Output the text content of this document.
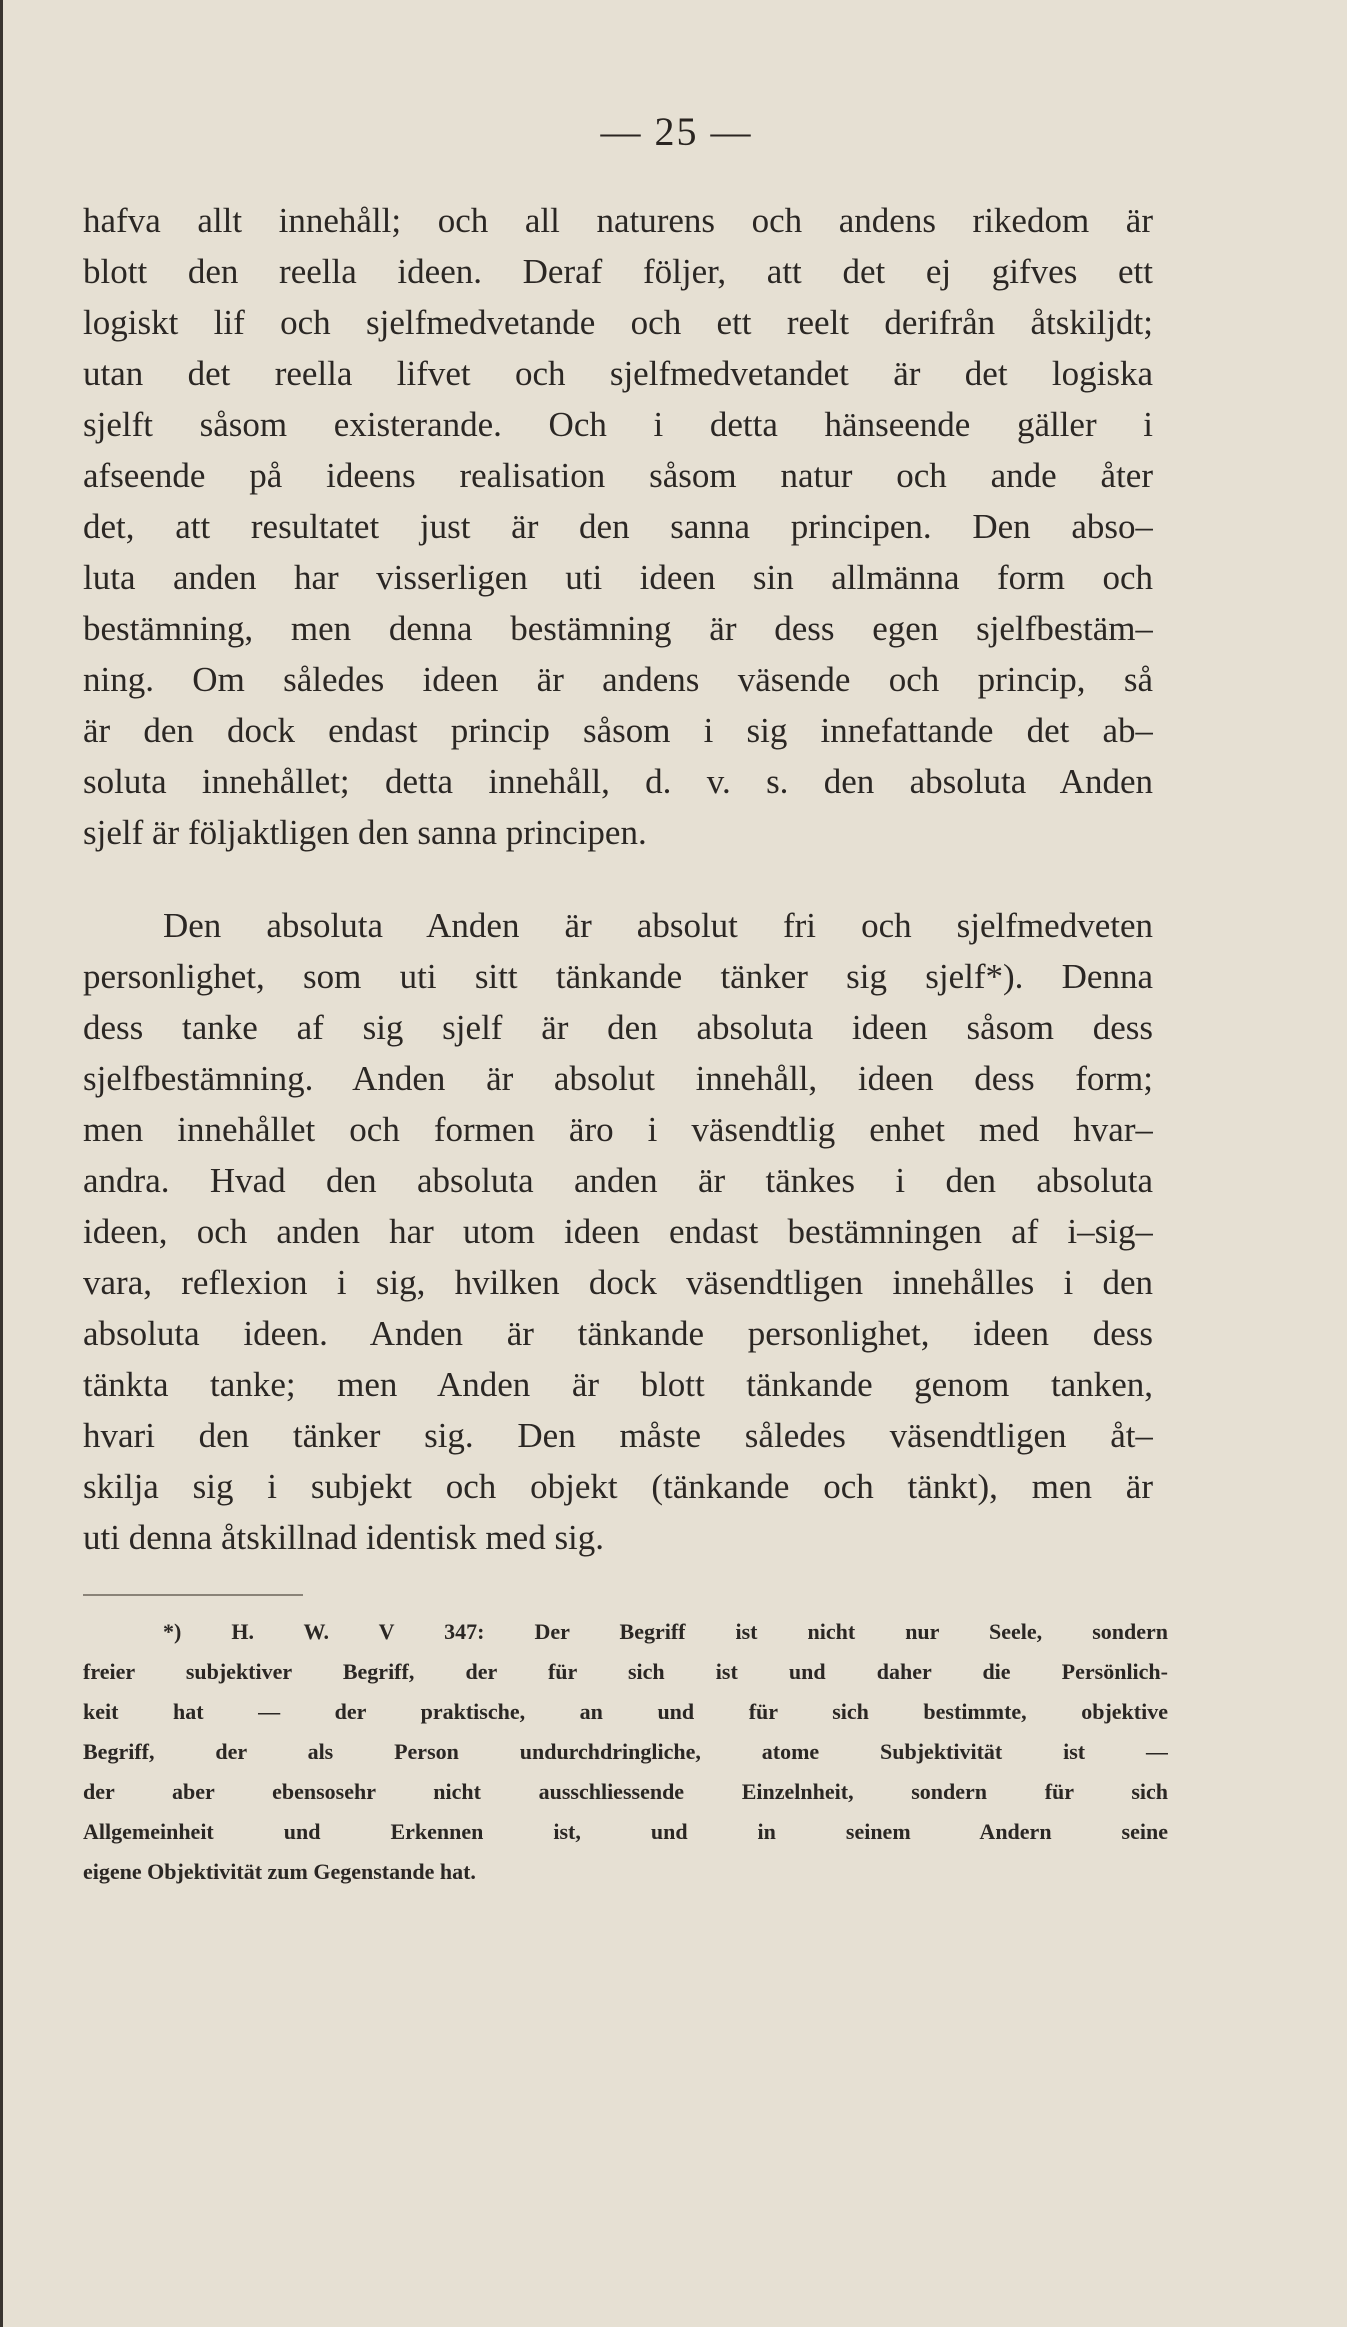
— 25 —
hafva allt innehåll; och all naturens och andens rikedom är
blott den reella ideen. Deraf följer, att det ej gifves ett
logiskt lif och sjelfmedvetande och ett reelt derifrån åtskiljdt;
utan det reella lifvet och sjelfmedvetandet är det logiska
sjelft såsom existerande. Och i detta hänseende gäller i
afseende på ideens realisation såsom natur och ande åter
det, att resultatet just är den sanna principen. Den abso–
luta anden har visserligen uti ideen sin allmänna form och
bestämning, men denna bestämning är dess egen sjelfbestäm–
ning. Om således ideen är andens väsende och princip, så
är den dock endast princip såsom i sig innefattande det ab–
soluta innehållet; detta innehåll, d. v. s. den absoluta Anden
sjelf är följaktligen den sanna principen.
Den absoluta Anden är absolut fri och sjelfmedveten
personlighet, som uti sitt tänkande tänker sig sjelf*). Denna
dess tanke af sig sjelf är den absoluta ideen såsom dess
sjelfbestämning. Anden är absolut innehåll, ideen dess form;
men innehållet och formen äro i väsendtlig enhet med hvar–
andra. Hvad den absoluta anden är tänkes i den absoluta
ideen, och anden har utom ideen endast bestämningen af i–sig–
vara, reflexion i sig, hvilken dock väsendtligen innehålles i den
absoluta ideen. Anden är tänkande personlighet, ideen dess
tänkta tanke; men Anden är blott tänkande genom tanken,
hvari den tänker sig. Den måste således väsendtligen åt–
skilja sig i subjekt och objekt (tänkande och tänkt), men är
uti denna åtskillnad identisk med sig.
*) H. W. V 347: Der Begriff ist nicht nur Seele, sondern
freier subjektiver Begriff, der für sich ist und daher die Persönlich-
keit hat — der praktische, an und für sich bestimmte, objektive
Begriff, der als Person undurchdringliche, atome Subjektivität ist —
der aber ebensosehr nicht ausschliessende Einzelnheit, sondern für sich
Allgemeinheit und Erkennen ist, und in seinem Andern seine
eigene Objektivität zum Gegenstande hat.
